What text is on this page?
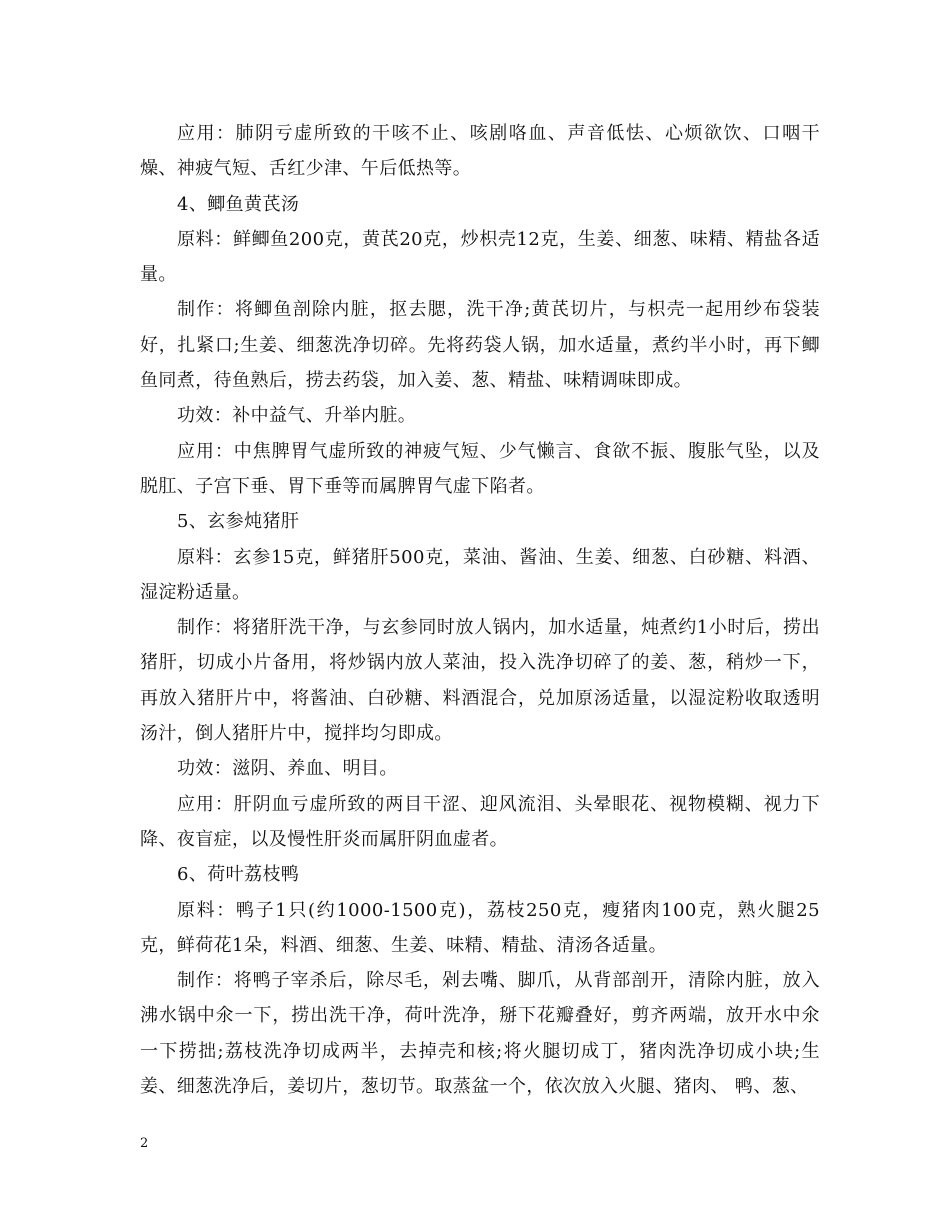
应用：肺阴亏虚所致的干咳不止、咳剧咯血、声音低怯、心烦欲饮、口咽干燥、神疲气短、舌红少津、午后低热等。

4、鲫鱼黄芪汤

原料：鲜鲫鱼200克，黄芪20克，炒枳壳12克，生姜、细葱、味精、精盐各适量。

制作：将鲫鱼剖除内脏，抠去腮，洗干净;黄芪切片，与枳壳一起用纱布袋装好，扎紧口;生姜、细葱洗净切碎。先将药袋人锅，加水适量，煮约半小时，再下鲫鱼同煮，待鱼熟后，捞去药袋，加入姜、葱、精盐、味精调味即成。

功效：补中益气、升举内脏。

应用：中焦脾胃气虚所致的神疲气短、少气懒言、食欲不振、腹胀气坠，以及脱肛、子宫下垂、胃下垂等而属脾胃气虚下陷者。

5、玄参炖猪肝

原料：玄参15克，鲜猪肝500克，菜油、酱油、生姜、细葱、白砂糖、料酒、湿淀粉适量。

制作：将猪肝洗干净，与玄参同时放人锅内，加水适量，炖煮约1小时后，捞出猪肝，切成小片备用，将炒锅内放人菜油，投入洗净切碎了的姜、葱，稍炒一下，再放入猪肝片中，将酱油、白砂糖、料酒混合，兑加原汤适量，以湿淀粉收取透明汤汁，倒人猪肝片中，搅拌均匀即成。

功效：滋阴、养血、明目。

应用：肝阴血亏虚所致的两目干涩、迎风流泪、头晕眼花、视物模糊、视力下降、夜盲症，以及慢性肝炎而属肝阴血虚者。

6、荷叶荔枝鸭

原料：鸭子1只(约1000-1500克)，荔枝250克，瘦猪肉100克，熟火腿25克，鲜荷花1朵，料酒、细葱、生姜、味精、精盐、清汤各适量。

制作：将鸭子宰杀后，除尽毛，剁去嘴、脚爪，从背部剖开，清除内脏，放入沸水锅中氽一下，捞出洗干净，荷叶洗净，掰下花瓣叠好，剪齐两端，放开水中氽一下捞拙;荔枝洗净切成两半，去掉壳和核;将火腿切成丁，猪肉洗净切成小块;生姜、细葱洗净后，姜切片，葱切节。取蒸盆一个，依次放入火腿、猪肉、 鸭、葱、

2
